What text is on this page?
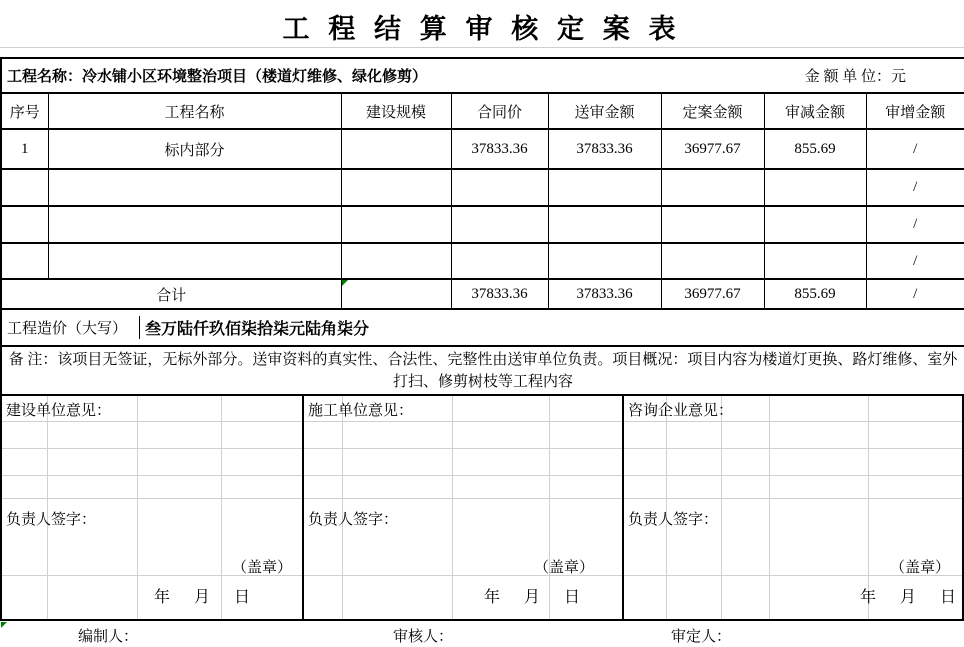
工 程 结 算 审 核 定 案 表
工程名称：冷水铺小区环境整治项目（楼道灯维修、绿化修剪） 金 额 单 位：元							

序号	工程名称	建设规模	合同价	送审金额	定案金额	审减金额	审增金额
1	标内部分		37833.36	37833.36	36977.67	855.69	/
							/
							/
							/
合计			37833.36	37833.36	36977.67	855.69	/

工程造价（大写） 叁万陆仟玖佰柒拾柒元陆角柒分							

备 注：该项目无签证，无标外部分。送审资料的真实性、合法性、完整性由送审单位负责。项目概况：项目内容为楼道灯更换、路灯维修、室外打扫、修剪树枝等工程内容							
建设单位意见：
负责人签字：
（盖章）
年      月      日
施工单位意见：
负责人签字：
（盖章）
年      月      日
咨询企业意见：
负责人签字：
（盖章）
年      月      日
编制人：	审核人：	审定人：
